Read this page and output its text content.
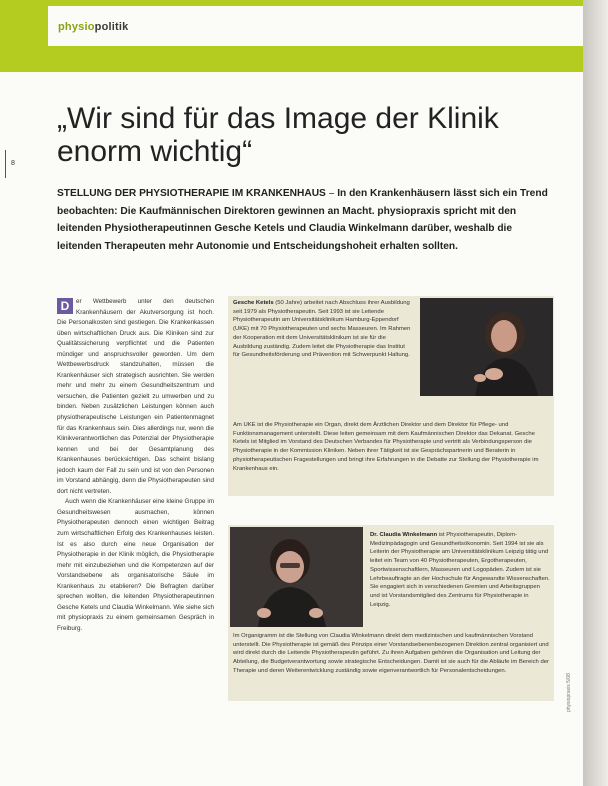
physiopolitik
8
„Wir sind für das Image der Klinik enorm wichtig“
STELLUNG DER PHYSIOTHERAPIE IM KRANKENHAUS – In den Krankenhäusern lässt sich ein Trend beobachten: Die Kaufmännischen Direktoren gewinnen an Macht. physiopraxis spricht mit den leitenden Physiotherapeutinnen Gesche Ketels und Claudia Winkelmann darüber, weshalb die leitenden Therapeuten mehr Autonomie und Entscheidungshoheit erhalten sollten.

D	er Wettbewerb unter den deutschen Krankenhäusern der Akutversorgung ist hoch. Die Personalkosten sind gestiegen. Die Krankenkassen üben wirtschaftlichen Druck aus. Die Kliniken sind zur Qualitätssicherung verpflichtet und die Patienten mündiger und anspruchsvoller geworden. Um dem Wettbewerbsdruck standzuhalten, müssen die Krankenhäuser sich strategisch ausrichten. Sie werden mehr und mehr zu einem Gesundheitszentrum und versuchen, die Patienten gezielt zu umwerben und zu binden. Neben zusätzlichen Leistungen können auch physiotherapeutische Leistungen ein Patientenmagnet für das Krankenhaus sein. Dies allerdings nur, wenn die Klinikverantwortlichen das Potenzial der Physiotherapie kennen und bei der Gesamtplanung des Krankenhauses berücksichtigen. Das scheint bislang jedoch kaum der Fall zu sein und ist von den Personen im Vorstand abhängig, denn die Physiotherapeuten sind dort nicht vertreten.

Auch wenn die Krankenhäuser eine kleine Gruppe im Gesundheitswesen ausmachen, können Physiotherapeuten dennoch einen wichtigen Beitrag zum wirtschaftlichen Erfolg des Krankenhauses leisten. Ist es also durch eine neue Organisation der Physiotherapie in der Klinik möglich, die Physiotherapie mehr mit einzubeziehen und die Kompetenzen auf der Vorstandsebene als organisatorische Säule im Krankenhaus zu etablieren? Die Befragten darüber sprechen wollten, die leitenden Physiotherapeutinnen Gesche Ketels und Claudia Winkelmann. Wie siehe sich mit physiopraxis zu einem gemeinsamen Gespräch in Freiburg.

Gesche Ketels (50 Jahre) arbeitet nach Abschluss ihrer Ausbildung seit 1979 als Physiotherapeutin. Seit 1993 ist sie Leitende Physiotherapeutin am Universitätsklinikum Hamburg-Eppendorf (UKE) mit 70 Physiotherapeuten und sechs Masseuren. Im Rahmen der Kooperation mit dem Universitätsklinikum ist sie für die Ausbildung zuständig. Zudem leitet die Physiotherapie das Institut für Gesundheitsförderung und Prävention mit Schwerpunkt Haltung.
Am UKE ist die Physiotherapie ein Organ, direkt dem Ärztlichen Direktor und dem Direktor für Pflege- und Funktionsmanagement unterstellt. Diese leiten gemeinsam mit dem Kaufmännischen Direktor das Dekanat. Gesche Ketels ist Mitglied im Vorstand des Deutschen Verbandes für Physiotherapie und vertritt als Verbindungsperson die Physiotherapie in der Kommission Kliniken. Neben ihrer Tätigkeit ist sie Gesprächspartnerin und Beraterin in physiotherapeutischen Fragestellungen und bringt ihre Erfahrungen in die Debatte zur Stellung der Physiotherapie im Krankenhaus ein.
Dr. Claudia Winkelmann ist Physiotherapeutin, Diplom-Medizinpädagogin und Gesundheitsökonomin. Seit 1994 ist sie als Leiterin der Physiotherapie am Universitätsklinikum Leipzig tätig und leitet ein Team von 40 Physiotherapeuten, Ergotherapeuten, Sportwissenschaftlern, Masseuren und Logopäden. Zudem ist sie Lehrbeauftragte an der Hochschule für Angewandte Wissenschaften. Sie engagiert sich in verschiedenen Gremien und Arbeitsgruppen und ist Vorstandsmitglied des Zentrums für Physiotherapie in Leipzig.
Im Organigramm ist die Stellung von Claudia Winkelmann direkt dem medizinischen und kaufmännischen Vorstand unterstellt. Die Physiotherapie ist gemäß des Prinzips einer Vorstandsebenenbezogenen Direktion zentral organisiert und wird direkt durch die Leitende Physiotherapeutin geführt. Zu ihren Aufgaben gehören die Organisation und Leitung der Abteilung, die Budgetverantwortung sowie strategische Entscheidungen. Damit ist sie auch für die Abläufe im Bereich der Therapie und deren Weiterentwicklung zuständig sowie eigenverantwortlich für Personalentscheidungen.
physiopraxis 5/08
